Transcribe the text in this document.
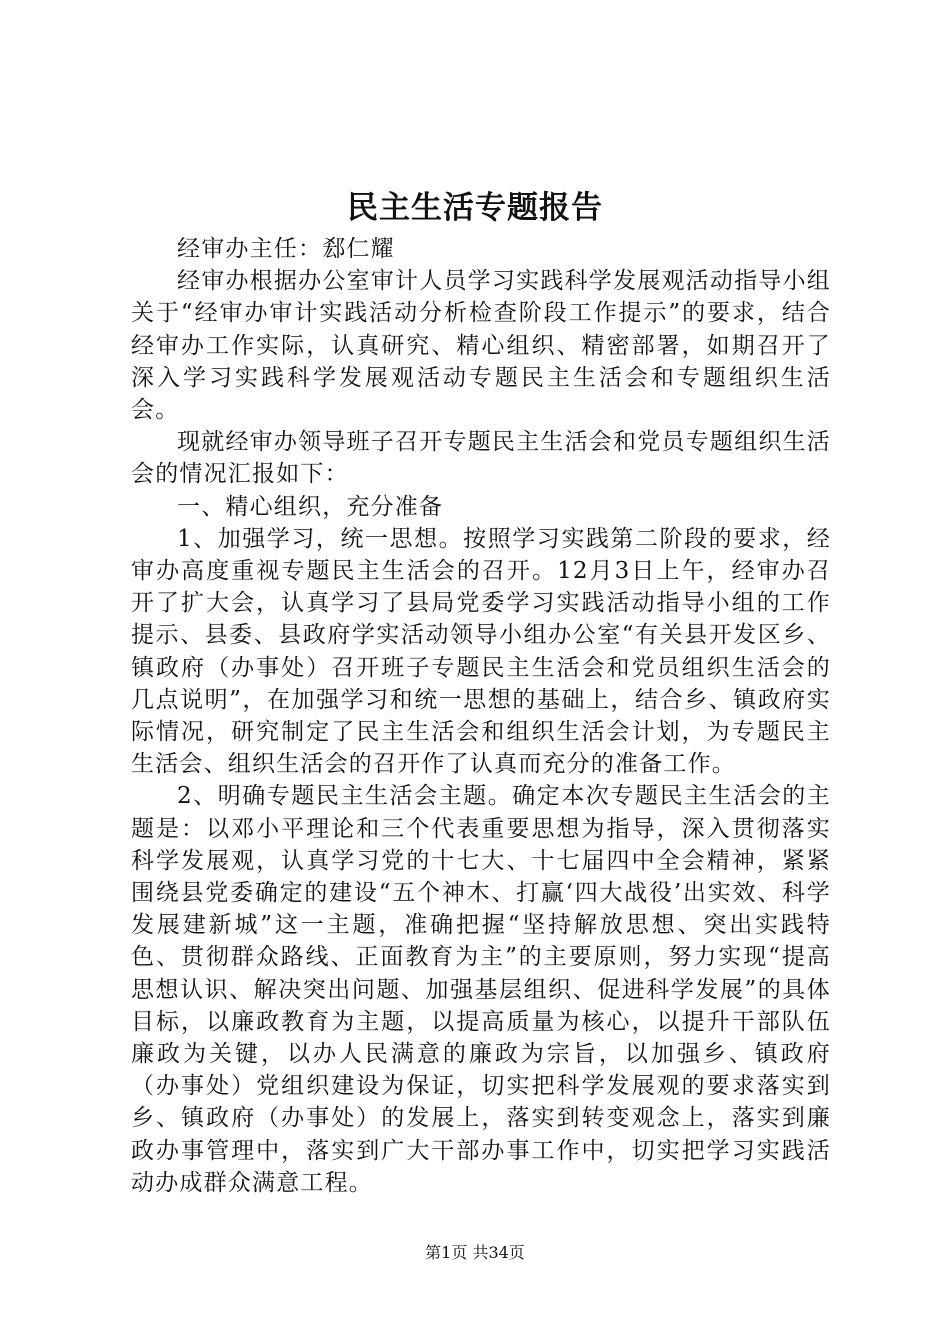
民主生活专题报告

经审办主任：郄仁耀

经审办根据办公室审计人员学习实践科学发展观活动指导小组关于“经审办审计实践活动分析检查阶段工作提示”的要求，结合经审办工作实际，认真研究、精心组织、精密部署，如期召开了深入学习实践科学发展观活动专题民主生活会和专题组织生活会。

现就经审办领导班子召开专题民主生活会和党员专题组织生活会的情况汇报如下：

一、精心组织，充分准备

1、加强学习，统一思想。按照学习实践第二阶段的要求，经审办高度重视专题民主生活会的召开。12月3日上午，经审办召开了扩大会，认真学习了县局党委学习实践活动指导小组的工作提示、县委、县政府学实活动领导小组办公室“有关县开发区乡、镇政府（办事处）召开班子专题民主生活会和党员组织生活会的几点说明”，在加强学习和统一思想的基础上，结合乡、镇政府实际情况，研究制定了民主生活会和组织生活会计划，为专题民主生活会、组织生活会的召开作了认真而充分的准备工作。

2、明确专题民主生活会主题。确定本次专题民主生活会的主题是：以邓小平理论和三个代表重要思想为指导，深入贯彻落实科学发展观，认真学习党的十七大、十七届四中全会精神，紧紧围绕县党委确定的建设“五个神木、打赢‘四大战役’出实效、科学发展建新城”这一主题，准确把握“坚持解放思想、突出实践特色、贯彻群众路线、正面教育为主”的主要原则，努力实现“提高思想认识、解决突出问题、加强基层组织、促进科学发展”的具体目标，以廉政教育为主题，以提高质量为核心，以提升干部队伍廉政为关键，以办人民满意的廉政为宗旨，以加强乡、镇政府（办事处）党组织建设为保证，切实把科学发展观的要求落实到乡、镇政府（办事处）的发展上，落实到转变观念上，落实到廉政办事管理中，落实到广大干部办事工作中，切实把学习实践活动办成群众满意工程。

第1页 共34页
